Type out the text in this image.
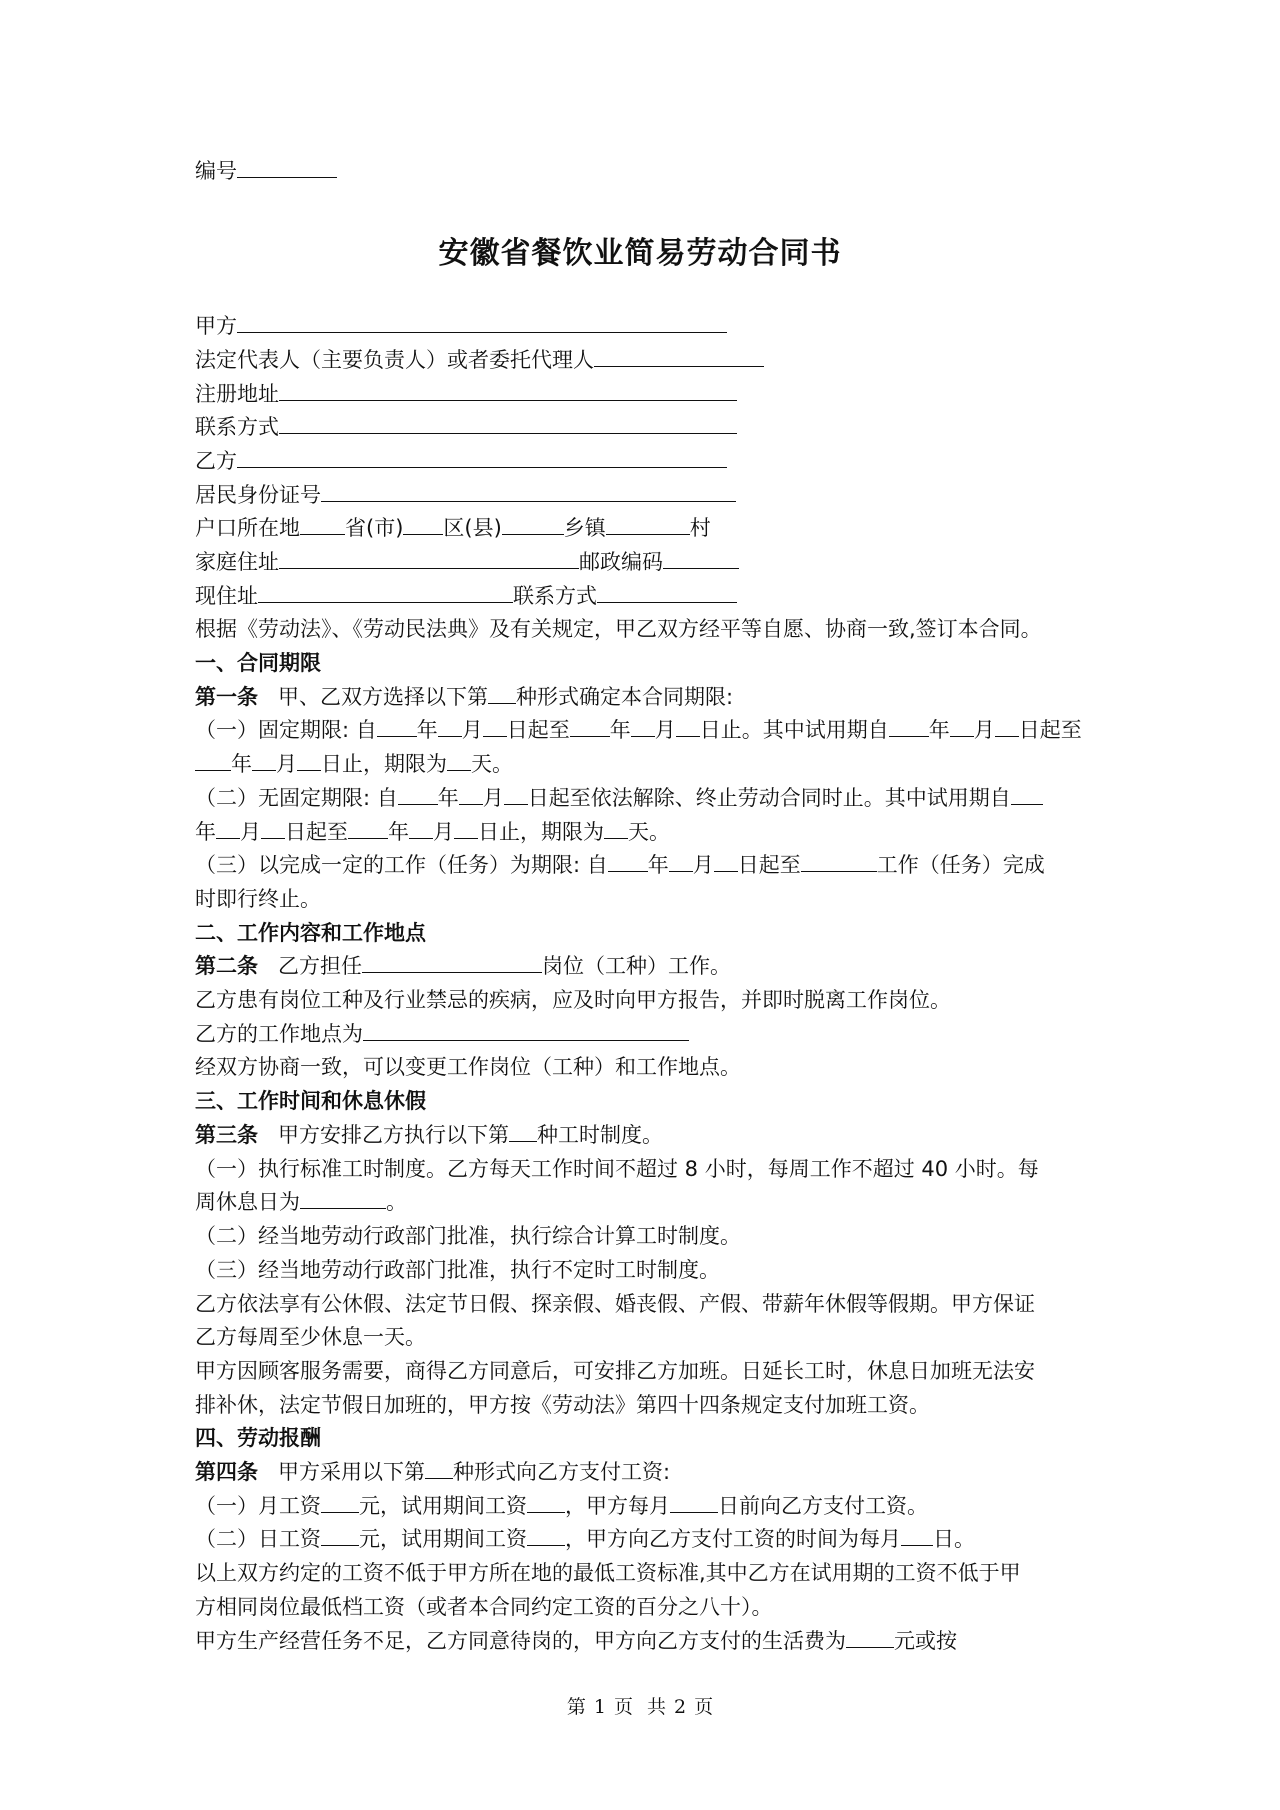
编号
安徽省餐饮业简易劳动合同书
甲方
法定代表人（主要负责人）或者委托代理人
注册地址
联系方式
乙方
居民身份证号
户口所在地 省(市) 区(县)	乡镇	村
家庭住址	邮政编码
现住址	联系方式
根据《劳动法》、《劳动民法典》及有关规定，甲乙双方经平等自愿、协商一致,签订本合同。
一、合同期限
第一条 甲、乙双方选择以下第 种形式确定本合同期限:
（一）固定期限: 自 年 月 日起至 年 月 日止。其中试用期自 年 月 日起至
年 月 日止，期限为 天。
（二）无固定期限: 自 年 月 日起至依法解除、终止劳动合同时止。其中试用期自
年 月 日起至 年 月 日止，期限为 天。
（三）以完成一定的工作（任务）为期限: 自 年 月 日起至	工作（任务）完成
时即行终止。
二、工作内容和工作地点
第二条 乙方担任	岗位（工种）工作。
乙方患有岗位工种及行业禁忌的疾病，应及时向甲方报告，并即时脱离工作岗位。
乙方的工作地点为
经双方协商一致，可以变更工作岗位（工种）和工作地点。
三、工作时间和休息休假
第三条 甲方安排乙方执行以下第 种工时制度。
（一）执行标准工时制度。乙方每天工作时间不超过 8 小时，每周工作不超过 40 小时。每
周休息日为	。
（二）经当地劳动行政部门批准，执行综合计算工时制度。
（三）经当地劳动行政部门批准，执行不定时工时制度。
乙方依法享有公休假、法定节日假、探亲假、婚丧假、产假、带薪年休假等假期。甲方保证
乙方每周至少休息一天。
甲方因顾客服务需要，商得乙方同意后，可安排乙方加班。日延长工时，休息日加班无法安
排补休，法定节假日加班的，甲方按《劳动法》第四十四条规定支付加班工资。
四、劳动报酬
第四条 甲方采用以下第 种形式向乙方支付工资:
（一）月工资 元，试用期间工资 ，甲方每月 日前向乙方支付工资。
（二）日工资 元，试用期间工资 ，甲方向乙方支付工资的时间为每月 日。
以上双方约定的工资不低于甲方所在地的最低工资标准,其中乙方在试用期的工资不低于甲
方相同岗位最低档工资（或者本合同约定工资的百分之八十）。
甲方生产经营任务不足，乙方同意待岗的，甲方向乙方支付的生活费为 元或按
第 1 页 共 2 页
